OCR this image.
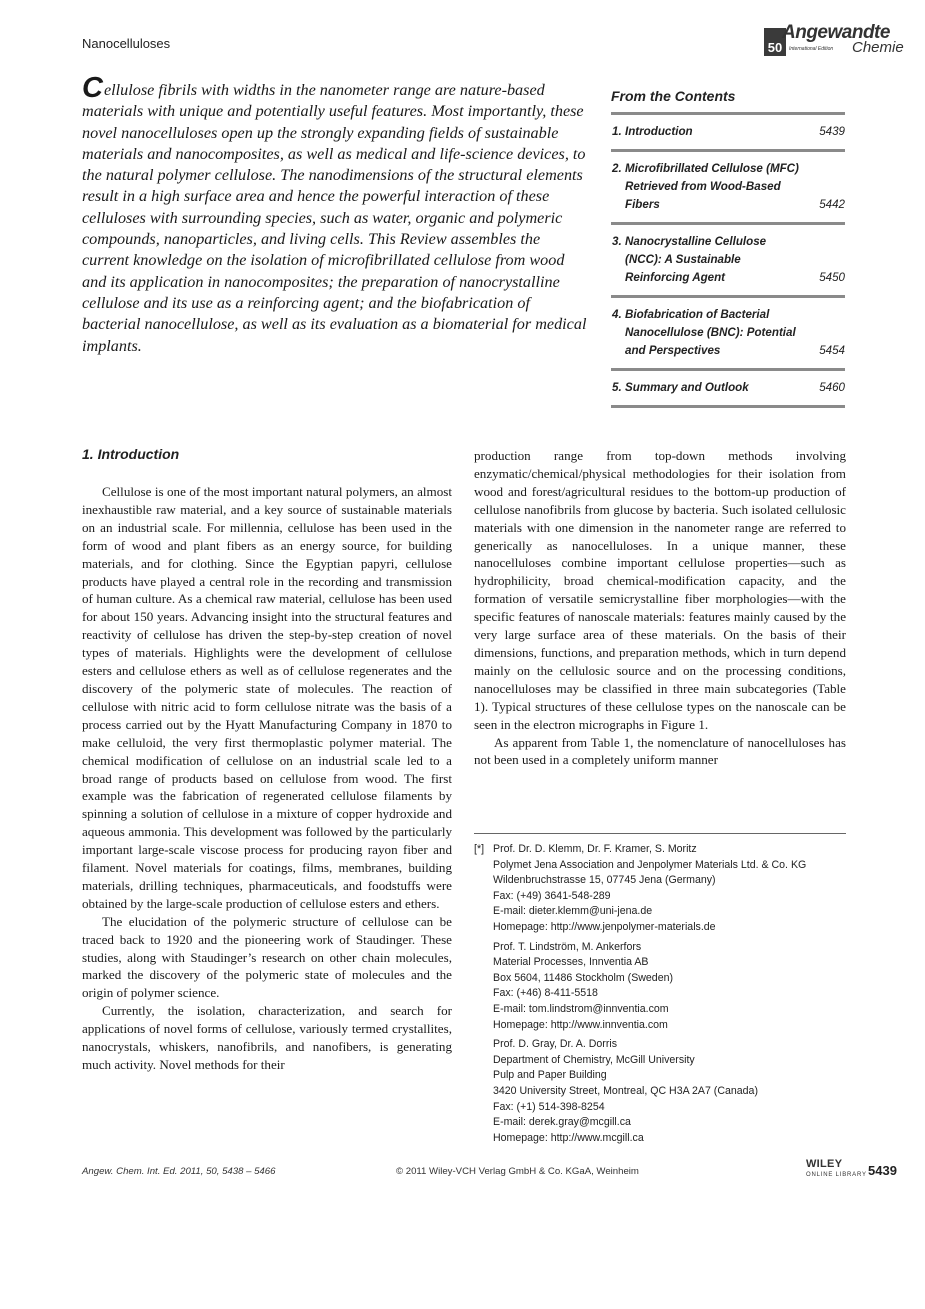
Nanocelluloses	50
Angewandte
International Edition Chemie
Cellulose fibrils with widths in the nanometer range are nature-based materials with unique and potentially useful features. Most importantly, these novel nanocelluloses open up the strongly expanding fields of sustainable materials and nanocomposites, as well as medical and life-science devices, to the natural polymer cellulose. The nanodimensions of the structural elements result in a high surface area and hence the powerful interaction of these celluloses with surrounding species, such as water, organic and polymeric compounds, nanoparticles, and living cells. This Review assembles the current knowledge on the isolation of microfibrillated cellulose from wood and its application in nanocomposites; the preparation of nanocrystalline cellulose and its use as a reinforcing agent; and the biofabrication of bacterial nanocellulose, as well as its evaluation as a biomaterial for medical implants.
From the Contents
1. Introduction	5439
2. Microfibrillated Cellulose (MFC) Retrieved from Wood-Based Fibers	5442
3. Nanocrystalline Cellulose (NCC): A Sustainable Reinforcing Agent	5450
4. Biofabrication of Bacterial Nanocellulose (BNC): Potential and Perspectives	5454
5. Summary and Outlook	5460
1. Introduction

Cellulose is one of the most important natural polymers, an almost inexhaustible raw material, and a key source of sustainable materials on an industrial scale. For millennia, cellulose has been used in the form of wood and plant fibers as an energy source, for building materials, and for clothing. Since the Egyptian papyri, cellulose products have played a central role in the recording and transmission of human culture. As a chemical raw material, cellulose has been used for about 150 years. Advancing insight into the structural features and reactivity of cellulose has driven the step-by-step creation of novel types of materials. Highlights were the development of cellulose esters and cellulose ethers as well as of cellulose regenerates and the discovery of the polymeric state of molecules. The reaction of cellulose with nitric acid to form cellulose nitrate was the basis of a process carried out by the Hyatt Manufacturing Company in 1870 to make celluloid, the very first thermoplastic polymer material. The chemical modification of cellulose on an industrial scale led to a broad range of products based on cellulose from wood. The first example was the fabrication of regenerated cellulose filaments by spinning a solution of cellulose in a mixture of copper hydroxide and aqueous ammonia. This development was followed by the particularly important large-scale viscose process for producing rayon fiber and filament. Novel materials for coatings, films, membranes, building materials, drilling techniques, pharmaceuticals, and foodstuffs were obtained by the large-scale production of cellulose esters and ethers.

The elucidation of the polymeric structure of cellulose can be traced back to 1920 and the pioneering work of Staudinger. These studies, along with Staudinger’s research on other chain molecules, marked the discovery of the polymeric state of molecules and the origin of polymer science.

Currently, the isolation, characterization, and search for applications of novel forms of cellulose, variously termed crystallites, nanocrystals, whiskers, nanofibrils, and nanofibers, is generating much activity. Novel methods for their

production range from top-down methods involving enzymatic/chemical/physical methodologies for their isolation from wood and forest/agricultural residues to the bottom-up production of cellulose nanofibrils from glucose by bacteria. Such isolated cellulosic materials with one dimension in the nanometer range are referred to generically as nanocelluloses. In a unique manner, these nanocelluloses combine important cellulose properties—such as hydrophilicity, broad chemical-modification capacity, and the formation of versatile semicrystalline fiber morphologies—with the specific features of nanoscale materials: features mainly caused by the very large surface area of these materials. On the basis of their dimensions, functions, and preparation methods, which in turn depend mainly on the cellulosic source and on the processing conditions, nanocelluloses may be classified in three main subcategories (Table 1). Typical structures of these cellulose types on the nanoscale can be seen in the electron micrographs in Figure 1.

As apparent from Table 1, the nomenclature of nanocelluloses has not been used in a completely uniform manner

[*] Prof. Dr. D. Klemm, Dr. F. Kramer, S. Moritz
Polymet Jena Association and Jenpolymer Materials Ltd. & Co. KG
Wildenbruchstrasse 15, 07745 Jena (Germany)
Fax: (+49) 3641-548-289
E-mail: dieter.klemm@uni-jena.de
Homepage: http://www.jenpolymer-materials.de
Prof. T. Lindström, M. Ankerfors
Material Processes, Innventia AB
Box 5604, 11486 Stockholm (Sweden)
Fax: (+46) 8-411-5518
E-mail: tom.lindstrom@innventia.com
Homepage: http://www.innventia.com
Prof. D. Gray, Dr. A. Dorris
Department of Chemistry, McGill University
Pulp and Paper Building
3420 University Street, Montreal, QC H3A 2A7 (Canada)
Fax: (+1) 514-398-8254
E-mail: derek.gray@mcgill.ca
Homepage: http://www.mcgill.ca
Angew. Chem. Int. Ed. 2011, 50, 5438 – 5466	© 2011 Wiley-VCH Verlag GmbH & Co. KGaA, Weinheim
WILEY
ONLINE LIBRARY 5439
